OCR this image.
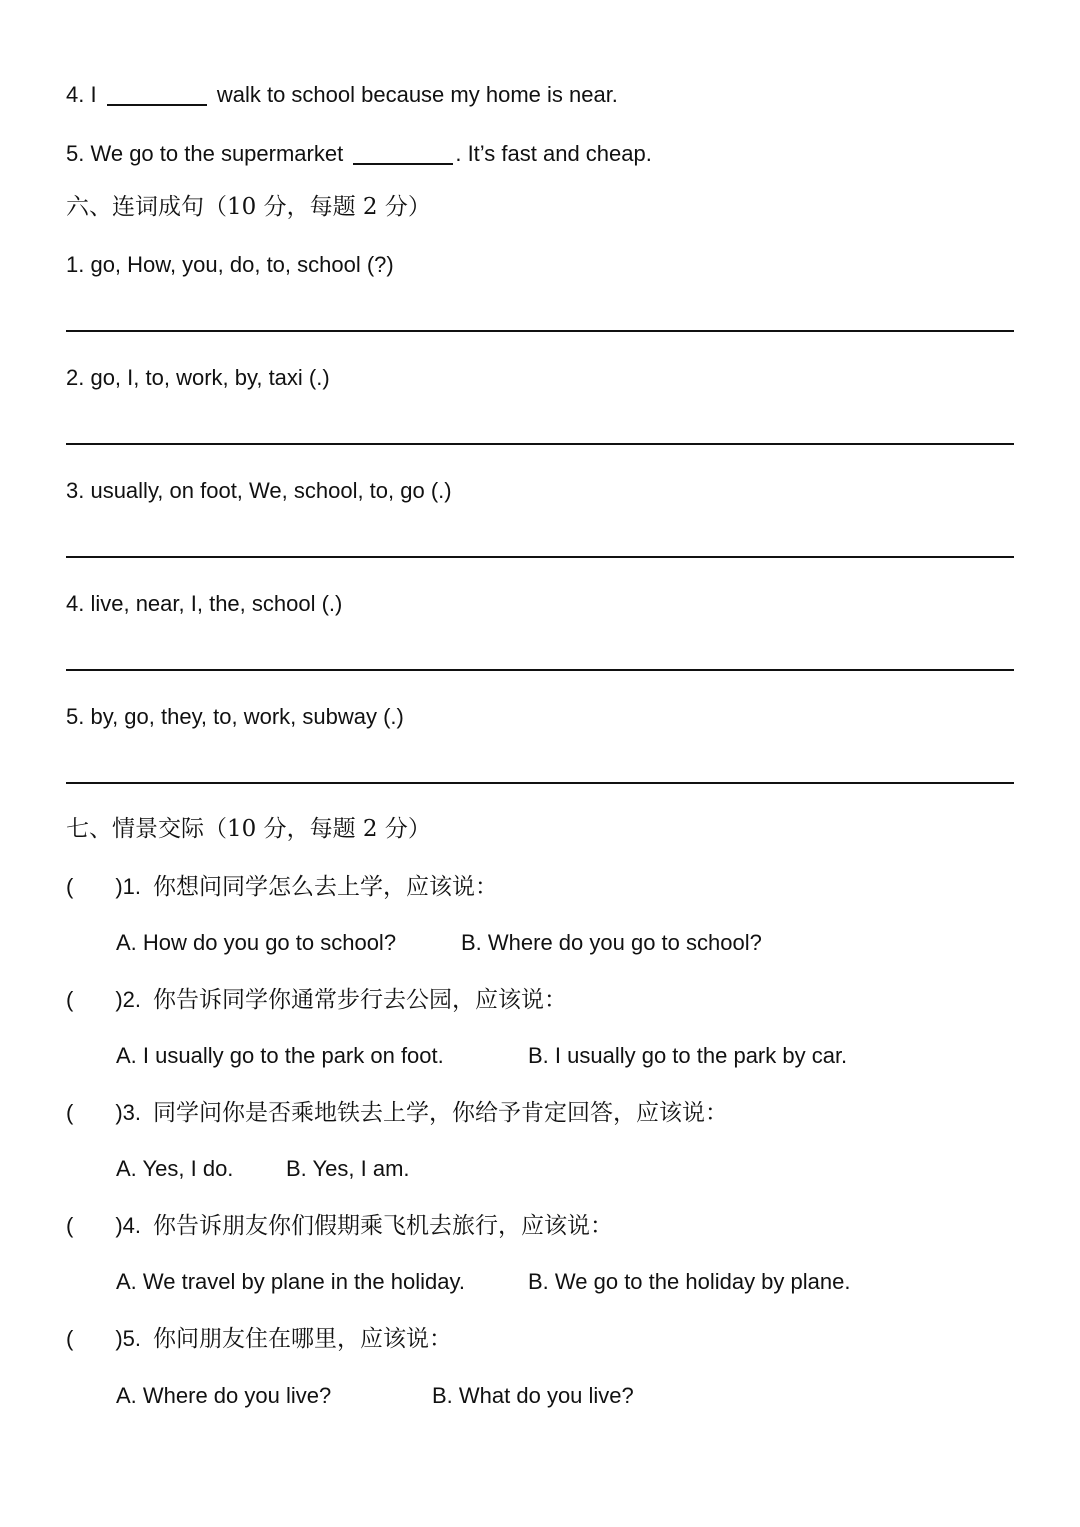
4. I	walk to school because my home is near.
5. We go to the supermarket	. It’s fast and cheap.
六、连词成句（10 分，每题 2 分）
1. go, How, you, do, to, school (?)
2. go, I, to, work, by, taxi (.)
3. usually, on foot, We, school, to, go (.)
4. live, near, I, the, school (.)
5. by, go, they, to, work, subway (.)
七、情景交际（10 分，每题 2 分）
( )1. 你想问同学怎么去上学，应该说：
A. How do you go to school?	B. Where do you go to school?
( )2. 你告诉同学你通常步行去公园，应该说：
A. I usually go to the park on foot.	B. I usually go to the park by car.
( )3. 同学问你是否乘地铁去上学，你给予肯定回答，应该说：
A. Yes, I do. B. Yes, I am.
( )4. 你告诉朋友你们假期乘飞机去旅行，应该说：
A. We travel by plane in the holiday.	B. We go to the holiday by plane.
( )5. 你问朋友住在哪里，应该说：
A. Where do you live?	B. What do you live?
